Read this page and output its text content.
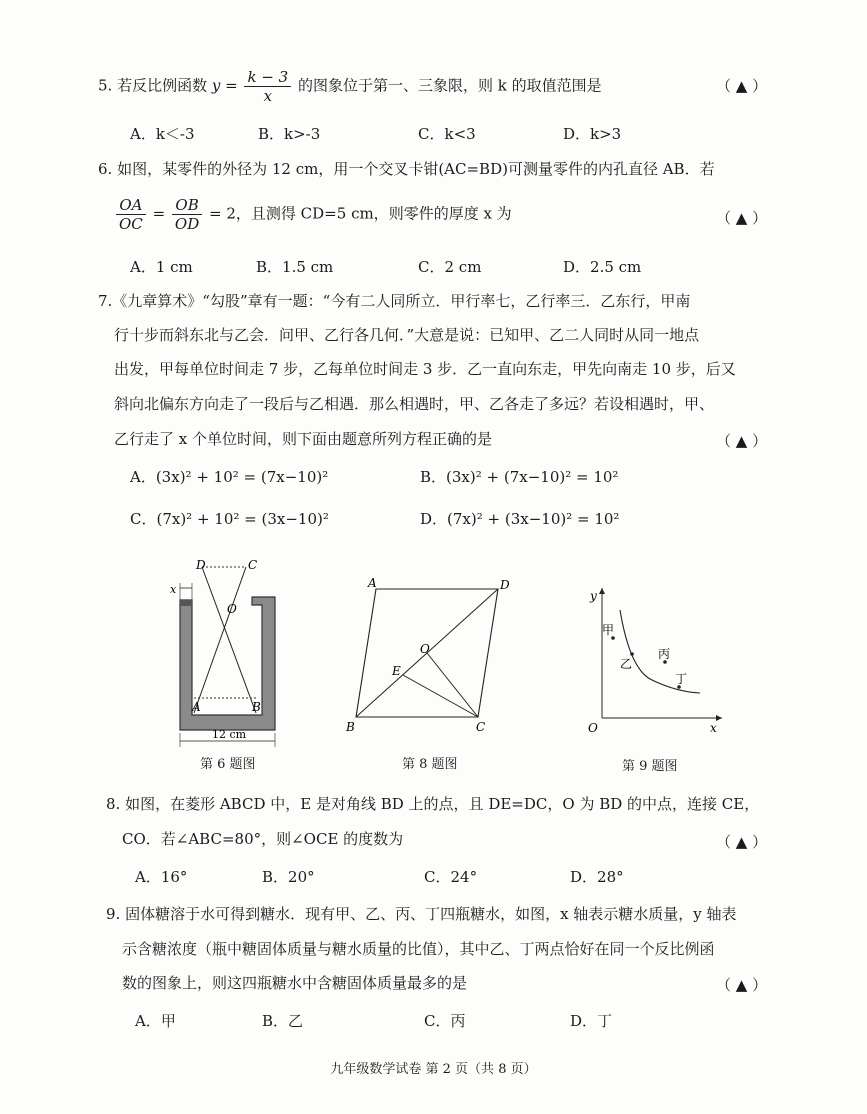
5. 若反比例函数 $y = \frac{k - 3}{x}$ 的图象位于第一、三象限，则 k 的取值范围是	（ ▲ ）
A．k＜-3	B．k>-3	C．k<3	D．k>3
6. 如图，某零件的外径为 12 cm，用一个交叉卡钳(AC=BD)可测量零件的内孔直径 AB．若
$\frac{OA}{OC} = \frac{OB}{OD} = 2$，且测得 CD=5 cm，则零件的厚度 x 为	（ ▲ ）
A．1 cm	B．1.5 cm	C．2 cm	D．2.5 cm
7.《九章算术》“勾股”章有一题：“今有二人同所立．甲行率七，乙行率三．乙东行，甲南
行十步而斜东北与乙会．问甲、乙行各几何．”大意是说：已知甲、乙二人同时从同一地点
出发，甲每单位时间走 7 步，乙每单位时间走 3 步．乙一直向东走，甲先向南走 10 步，后又
斜向北偏东方向走了一段后与乙相遇．那么相遇时，甲、乙各走了多远？若设相遇时，甲、
乙行走了 x 个单位时间，则下面由题意所列方程正确的是	（ ▲ ）
A．(3x)² + 10² = (7x−10)²	B．(3x)² + (7x−10)² = 10²
C．(7x)² + 10² = (3x−10)²	D．(7x)² + (3x−10)² = 10²
D	C
x
O
A	B
12 cm
第 6 题图
A	D
O
E
B	C
第 8 题图
y
x
O
甲
乙
丙
丁
第 9 题图
8. 如图，在菱形 ABCD 中，E 是对角线 BD 上的点，且 DE=DC，O 为 BD 的中点，连接 CE，
CO．若∠ABC=80°，则∠OCE 的度数为	（ ▲ ）
A．16°	B．20°	C．24°	D．28°
9. 固体糖溶于水可得到糖水．现有甲、乙、丙、丁四瓶糖水，如图，x 轴表示糖水质量，y 轴表
示含糖浓度（瓶中糖固体质量与糖水质量的比值），其中乙、丁两点恰好在同一个反比例函
数的图象上，则这四瓶糖水中含糖固体质量最多的是	（ ▲ ）
A．甲	B．乙	C．丙	D．丁
九年级数学试卷 第 2 页（共 8 页）
